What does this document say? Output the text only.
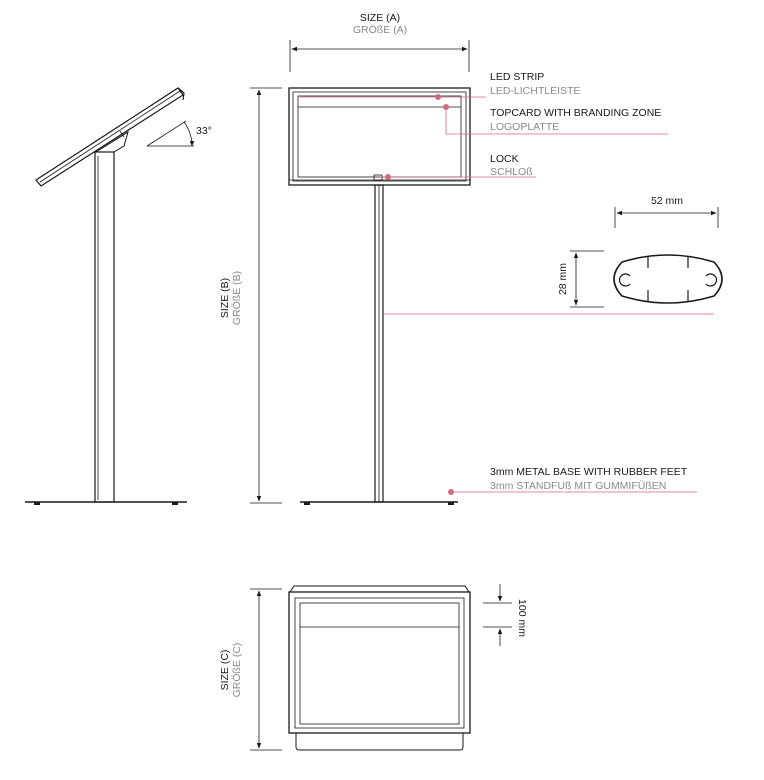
33°
SIZE (A)
GRÖßE (A)
SIZE (B) GRÖßE (B)
LED STRIP
LED-LICHTLEISTE
TOPCARD WITH BRANDING ZONE
LOGOPLATTE
LOCK
SCHLOß
3mm METAL BASE WITH RUBBER FEET
3mm STANDFUß MIT GUMMIFÜßEN
52 mm
28 mm
SIZE (C) GRÖßE (C)
100 mm
